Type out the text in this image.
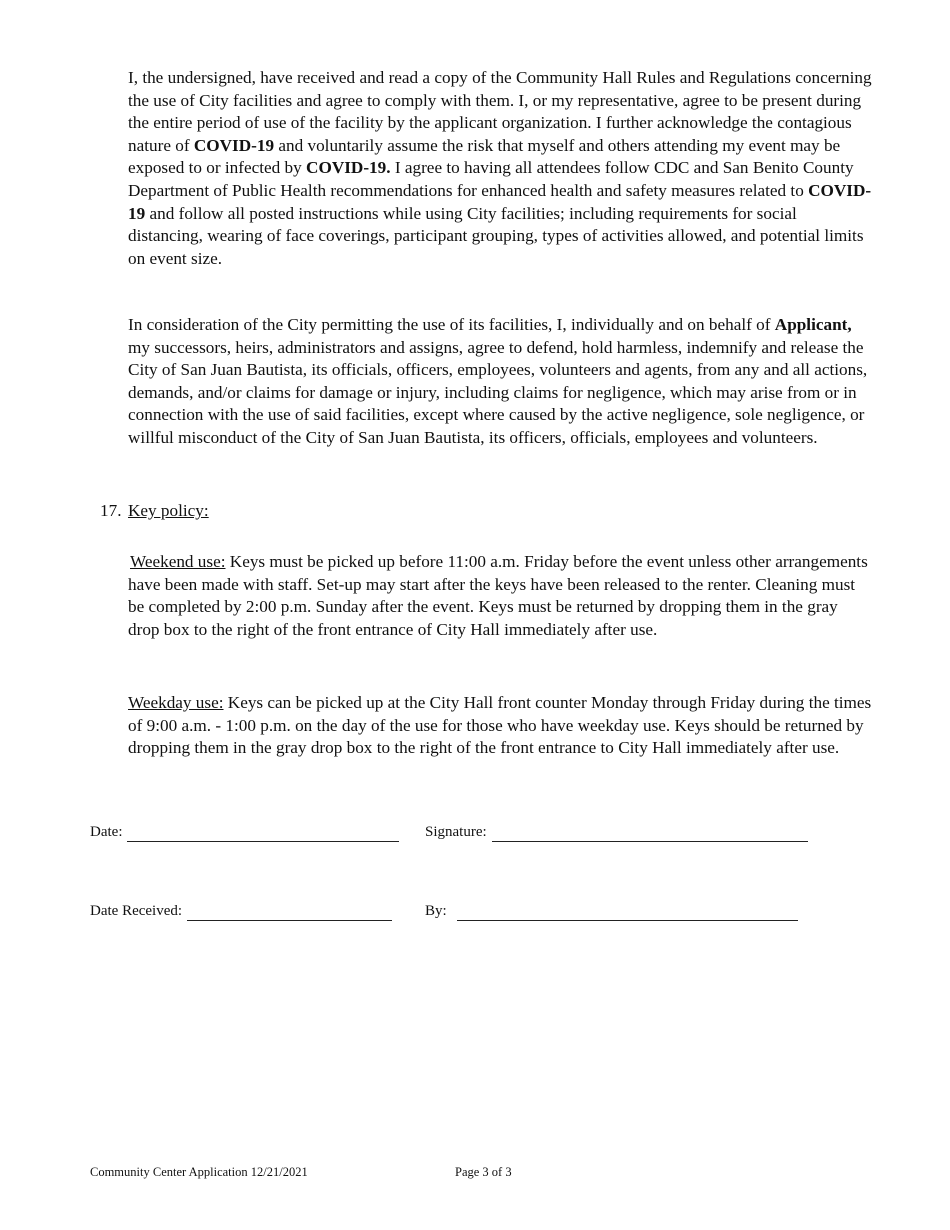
I, the undersigned, have received and read a copy of the Community Hall Rules and Regulations concerning the use of City facilities and agree to comply with them. I, or my representative, agree to be present during the entire period of use of the facility by the applicant organization. I further acknowledge the contagious nature of COVID-19 and voluntarily assume the risk that myself and others attending my event may be exposed to or infected by COVID-19. I agree to having all attendees follow CDC and San Benito County Department of Public Health recommendations for enhanced health and safety measures related to COVID-19 and follow all posted instructions while using City facilities; including requirements for social distancing, wearing of face coverings, participant grouping, types of activities allowed, and potential limits on event size.

In consideration of the City permitting the use of its facilities, I, individually and on behalf of Applicant, my successors, heirs, administrators and assigns, agree to defend, hold harmless, indemnify and release the City of San Juan Bautista, its officials, officers, employees, volunteers and agents, from any and all actions, demands, and/or claims for damage or injury, including claims for negligence, which may arise from or in connection with the use of said facilities, except where caused by the active negligence, sole negligence, or willful misconduct of the City of San Juan Bautista, its officers, officials, employees and volunteers.

17. Key policy:

Weekend use: Keys must be picked up before 11:00 a.m. Friday before the event unless other arrangements have been made with staff. Set-up may start after the keys have been released to the renter. Cleaning must be completed by 2:00 p.m. Sunday after the event. Keys must be returned by dropping them in the gray drop box to the right of the front entrance of City Hall immediately after use.

Weekday use: Keys can be picked up at the City Hall front counter Monday through Friday during the times of 9:00 a.m. - 1:00 p.m. on the day of the use for those who have weekday use. Keys should be returned by dropping them in the gray drop box to the right of the front entrance to City Hall immediately after use.

Date:	Signature:
Date Received:	By:
Community Center Application 12/21/2021	Page 3 of 3
